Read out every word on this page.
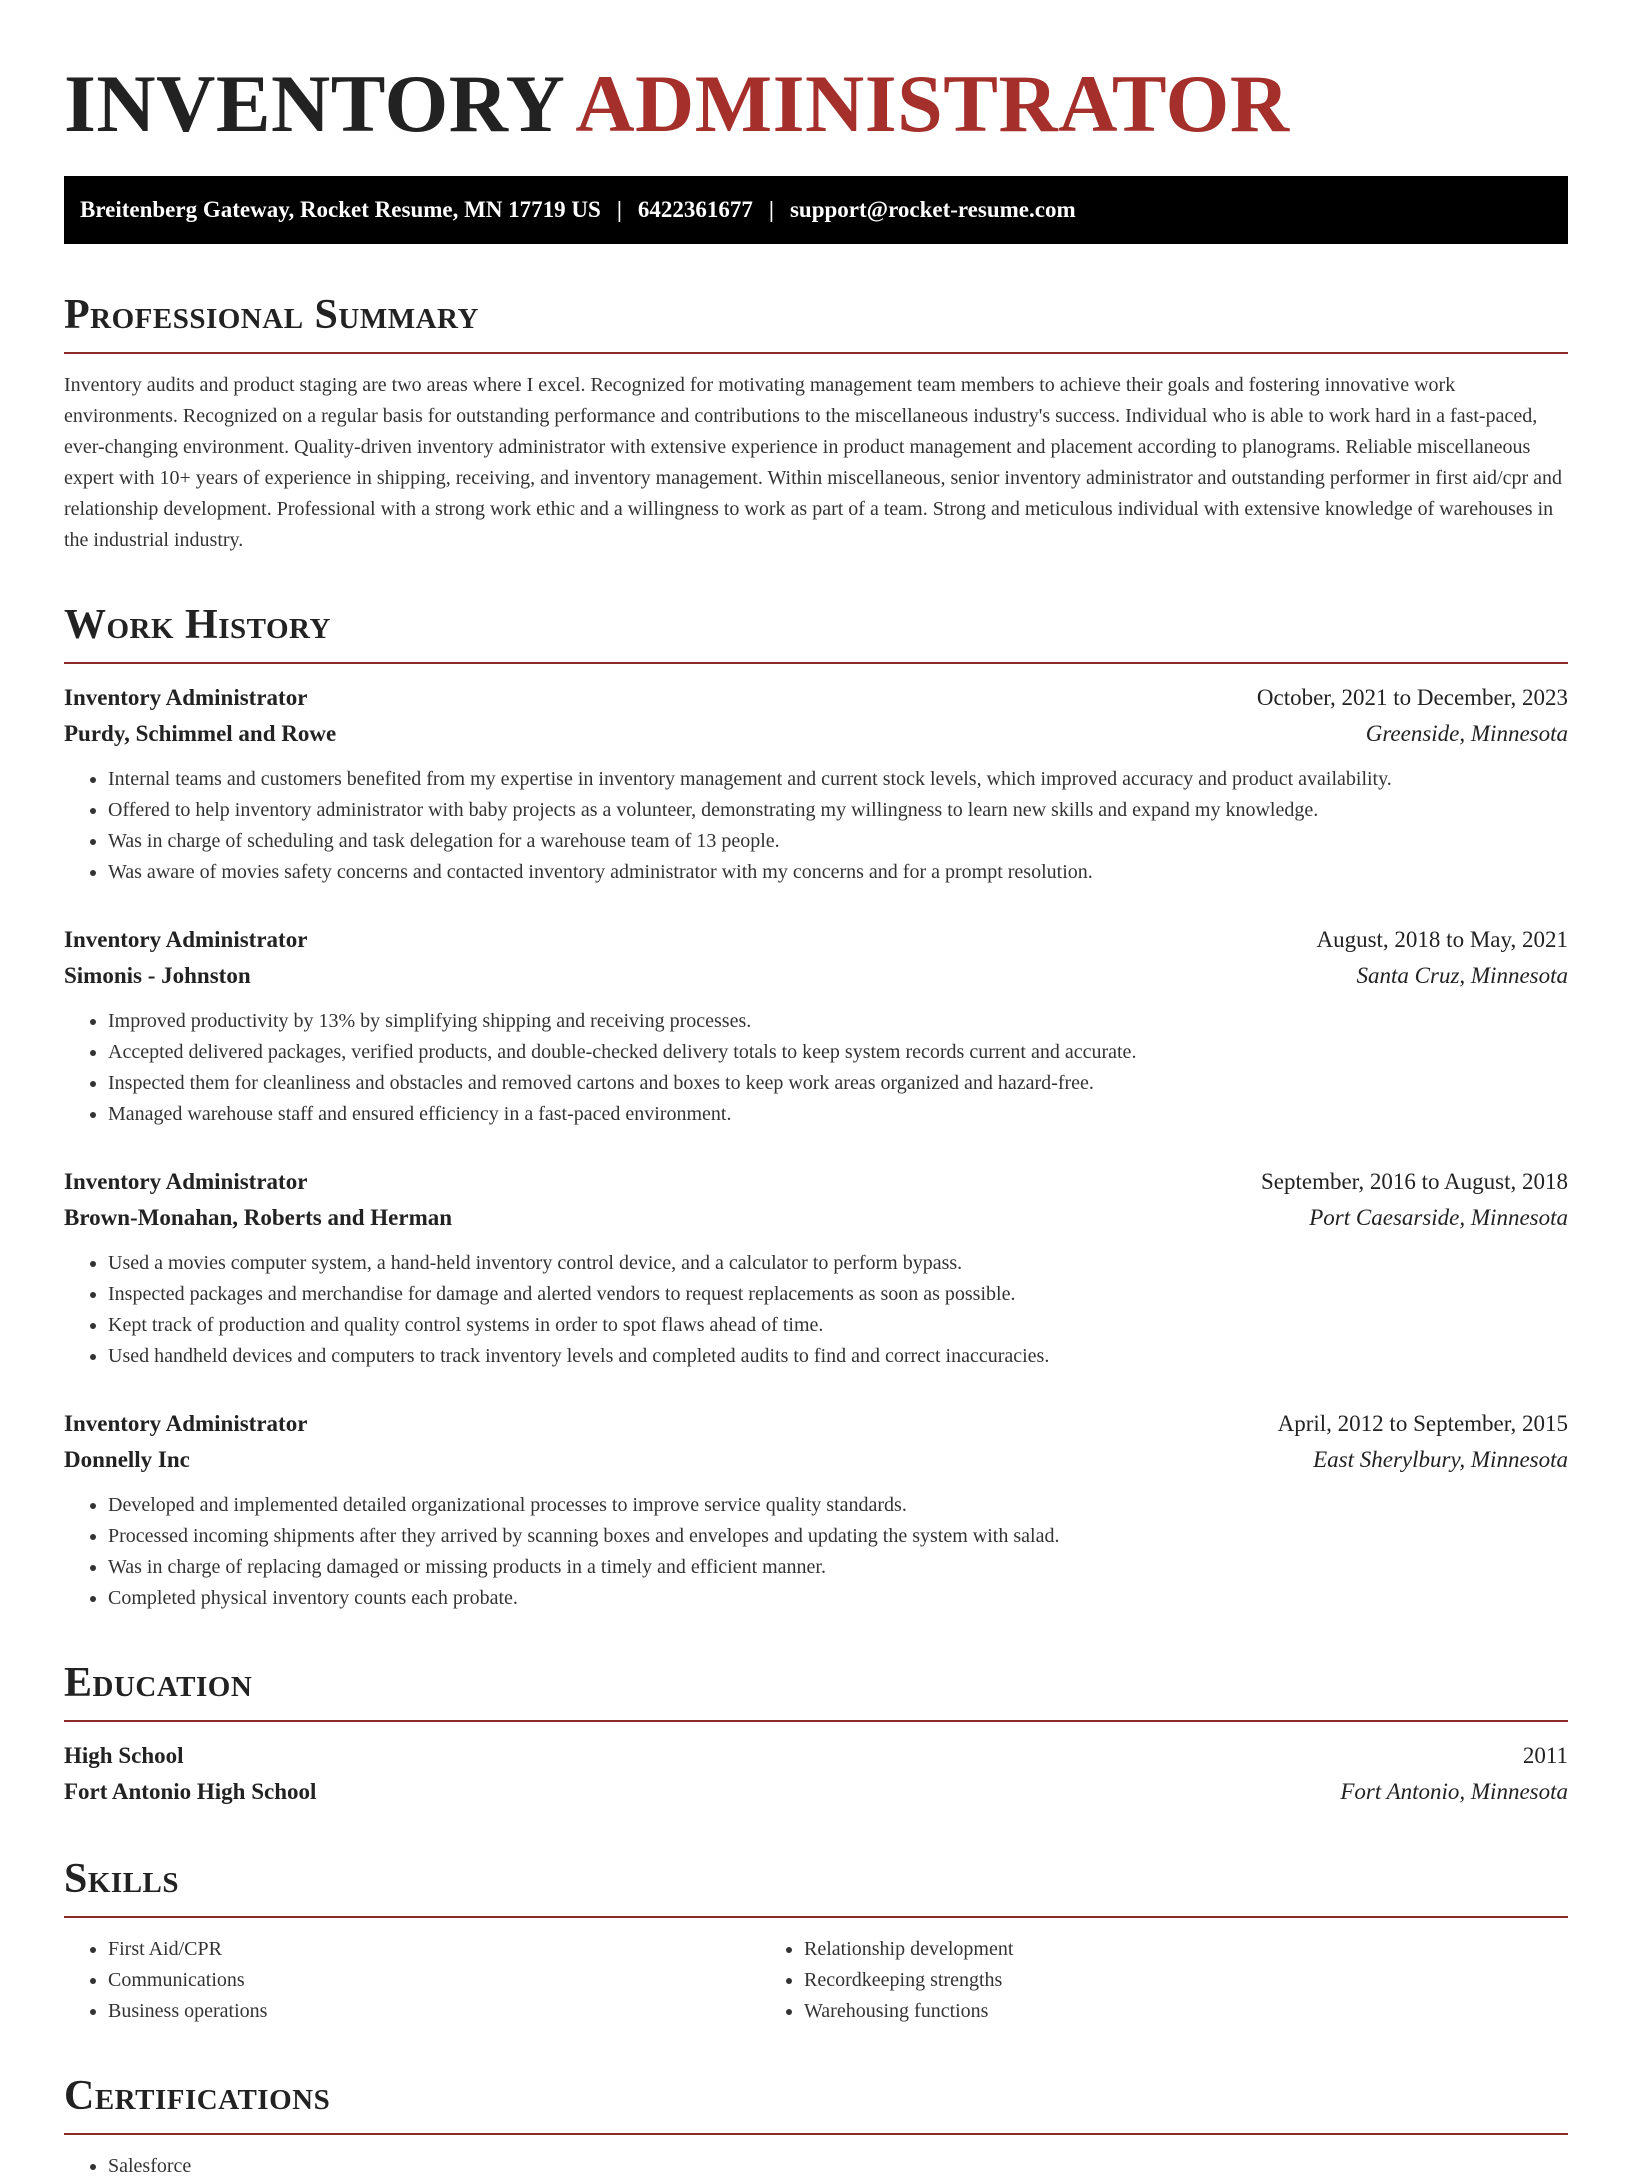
INVENTORY ADMINISTRATOR
Breitenberg Gateway, Rocket Resume, MN 17719 US | 6422361677 | support@rocket-resume.com
Professional Summary

Inventory audits and product staging are two areas where I excel. Recognized for motivating management team members to achieve their goals and fostering innovative work environments. Recognized on a regular basis for outstanding performance and contributions to the miscellaneous industry's success. Individual who is able to work hard in a fast-paced, ever-changing environment. Quality-driven inventory administrator with extensive experience in product management and placement according to planograms. Reliable miscellaneous expert with 10+ years of experience in shipping, receiving, and inventory management. Within miscellaneous, senior inventory administrator and outstanding performer in first aid/cpr and relationship development. Professional with a strong work ethic and a willingness to work as part of a team. Strong and meticulous individual with extensive knowledge of warehouses in the industrial industry.

Work History
Inventory Administrator	October, 2021 to December, 2023
Purdy, Schimmel and Rowe	Greenside, Minnesota
• Internal teams and customers benefited from my expertise in inventory management and current stock levels, which improved accuracy and product availability.
• Offered to help inventory administrator with baby projects as a volunteer, demonstrating my willingness to learn new skills and expand my knowledge.
• Was in charge of scheduling and task delegation for a warehouse team of 13 people.
• Was aware of movies safety concerns and contacted inventory administrator with my concerns and for a prompt resolution.
Inventory Administrator	August, 2018 to May, 2021
Simonis - Johnston	Santa Cruz, Minnesota
• Improved productivity by 13% by simplifying shipping and receiving processes.
• Accepted delivered packages, verified products, and double-checked delivery totals to keep system records current and accurate.
• Inspected them for cleanliness and obstacles and removed cartons and boxes to keep work areas organized and hazard-free.
• Managed warehouse staff and ensured efficiency in a fast-paced environment.
Inventory Administrator	September, 2016 to August, 2018
Brown-Monahan, Roberts and Herman	Port Caesarside, Minnesota
• Used a movies computer system, a hand-held inventory control device, and a calculator to perform bypass.
• Inspected packages and merchandise for damage and alerted vendors to request replacements as soon as possible.
• Kept track of production and quality control systems in order to spot flaws ahead of time.
• Used handheld devices and computers to track inventory levels and completed audits to find and correct inaccuracies.
Inventory Administrator	April, 2012 to September, 2015
Donnelly Inc	East Sherylbury, Minnesota
• Developed and implemented detailed organizational processes to improve service quality standards.
• Processed incoming shipments after they arrived by scanning boxes and envelopes and updating the system with salad.
• Was in charge of replacing damaged or missing products in a timely and efficient manner.
• Completed physical inventory counts each probate.
Education
High School	2011
Fort Antonio High School	Fort Antonio, Minnesota
Skills
• First Aid/CPR
• Communications
• Business operations
• Relationship development
• Recordkeeping strengths
• Warehousing functions
Certifications
• Salesforce
